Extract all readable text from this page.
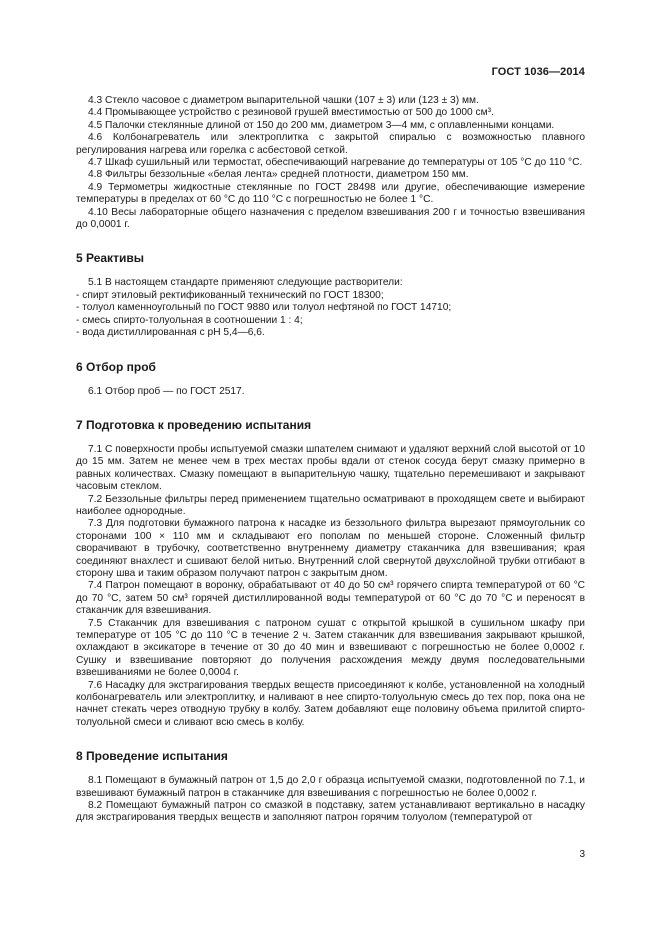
ГОСТ 1036—2014

4.3 Стекло часовое с диаметром выпарительной чашки (107 ± 3) или (123 ± 3) мм.

4.4 Промывающее устройство с резиновой грушей вместимостью от 500 до 1000 см³.

4.5 Палочки стеклянные длиной от 150 до 200 мм, диаметром 3—4 мм, с оплавленными концами.

4.6 Колбонагреватель или электроплитка с закрытой спиралью с возможностью плавного регулирования нагрева или горелка с асбестовой сеткой.

4.7 Шкаф сушильный или термостат, обеспечивающий нагревание до температуры от 105 °С до 110 °С.

4.8 Фильтры беззольные «белая лента» средней плотности, диаметром 150 мм.

4.9 Термометры жидкостные стеклянные по ГОСТ 28498 или другие, обеспечивающие измерение температуры в пределах от 60 °С до 110 °С с погрешностью не более 1 °С.

4.10 Весы лабораторные общего назначения с пределом взвешивания 200 г и точностью взвешивания до 0,0001 г.

5 Реактивы

5.1 В настоящем стандарте применяют следующие растворители:

- спирт этиловый ректификованный технический по ГОСТ 18300;

- толуол каменноугольный по ГОСТ 9880 или толуол нефтяной по ГОСТ 14710;

- смесь спирто-толуольная в соотношении 1 : 4;

- вода дистиллированная с рН 5,4—6,6.

6 Отбор проб

6.1 Отбор проб — по ГОСТ 2517.

7 Подготовка к проведению испытания

7.1 С поверхности пробы испытуемой смазки шпателем снимают и удаляют верхний слой высотой от 10 до 15 мм. Затем не менее чем в трех местах пробы вдали от стенок сосуда берут смазку примерно в равных количествах. Смазку помещают в выпарительную чашку, тщательно перемешивают и закрывают часовым стеклом.

7.2 Беззольные фильтры перед применением тщательно осматривают в проходящем свете и выбирают наиболее однородные.

7.3 Для подготовки бумажного патрона к насадке из беззольного фильтра вырезают прямоугольник со сторонами 100 × 110 мм и складывают его пополам по меньшей стороне. Сложенный фильтр сворачивают в трубочку, соответственно внутреннему диаметру стаканчика для взвешивания; края соединяют внахлест и сшивают белой нитью. Внутренний слой свернутой двухслойной трубки отгибают в сторону шва и таким образом получают патрон с закрытым дном.

7.4 Патрон помещают в воронку, обрабатывают от 40 до 50 см³ горячего спирта температурой от 60 °С до 70 °С, затем 50 см³ горячей дистиллированной воды температурой от 60 °С до 70 °С и переносят в стаканчик для взвешивания.

7.5 Стаканчик для взвешивания с патроном сушат с открытой крышкой в сушильном шкафу при температуре от 105 °С до 110 °С в течение 2 ч. Затем стаканчик для взвешивания закрывают крышкой, охлаждают в эксикаторе в течение от 30 до 40 мин и взвешивают с погрешностью не более 0,0002 г. Сушку и взвешивание повторяют до получения расхождения между двумя последовательными взвешиваниями не более 0,0004 г.

7.6 Насадку для экстрагирования твердых веществ присоединяют к колбе, установленной на холодный колбонагреватель или электроплитку, и наливают в нее спирто-толуольную смесь до тех пор, пока она не начнет стекать через отводную трубку в колбу. Затем добавляют еще половину объема прилитой спирто-толуольной смеси и сливают всю смесь в колбу.

8 Проведение испытания

8.1 Помещают в бумажный патрон от 1,5 до 2,0 г образца испытуемой смазки, подготовленной по 7.1, и взвешивают бумажный патрон в стаканчике для взвешивания с погрешностью не более 0,0002 г.

8.2 Помещают бумажный патрон со смазкой в подставку, затем устанавливают вертикально в насадку для экстрагирования твердых веществ и заполняют патрон горячим толуолом (температурой от

3
